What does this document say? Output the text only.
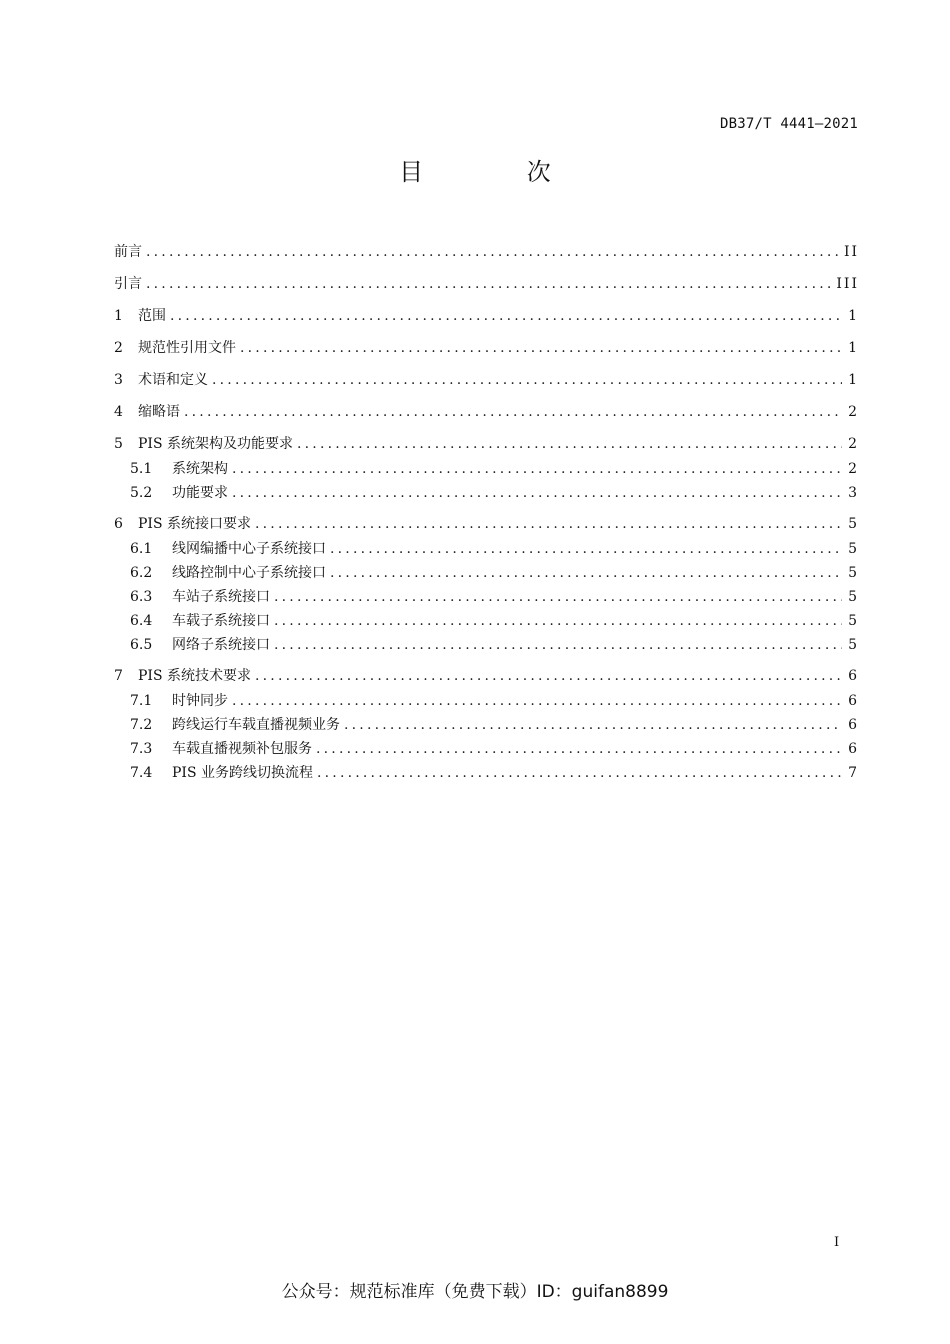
DB37/T 4441—2021
目 次
前言 .....	II
引言 .....	III
1	范围 .....	1
2	规范性引用文件 .....	1
3	术语和定义 .....	1
4	缩略语 .....	2
5	PIS 系统架构及功能要求 .....	2
5.1	系统架构 .....	2
5.2	功能要求 .....	3
6	PIS 系统接口要求 .....	5
6.1	线网编播中心子系统接口 .....	5
6.2	线路控制中心子系统接口 .....	5
6.3	车站子系统接口 .....	5
6.4	车载子系统接口 .....	5
6.5	网络子系统接口 .....	5
7	PIS 系统技术要求 .....	6
7.1	时钟同步 .....	6
7.2	跨线运行车载直播视频业务 .....	6
7.3	车载直播视频补包服务 .....	6
7.4	PIS 业务跨线切换流程 .....	7
I
公众号：规范标准库（免费下载）ID：guifan8899
